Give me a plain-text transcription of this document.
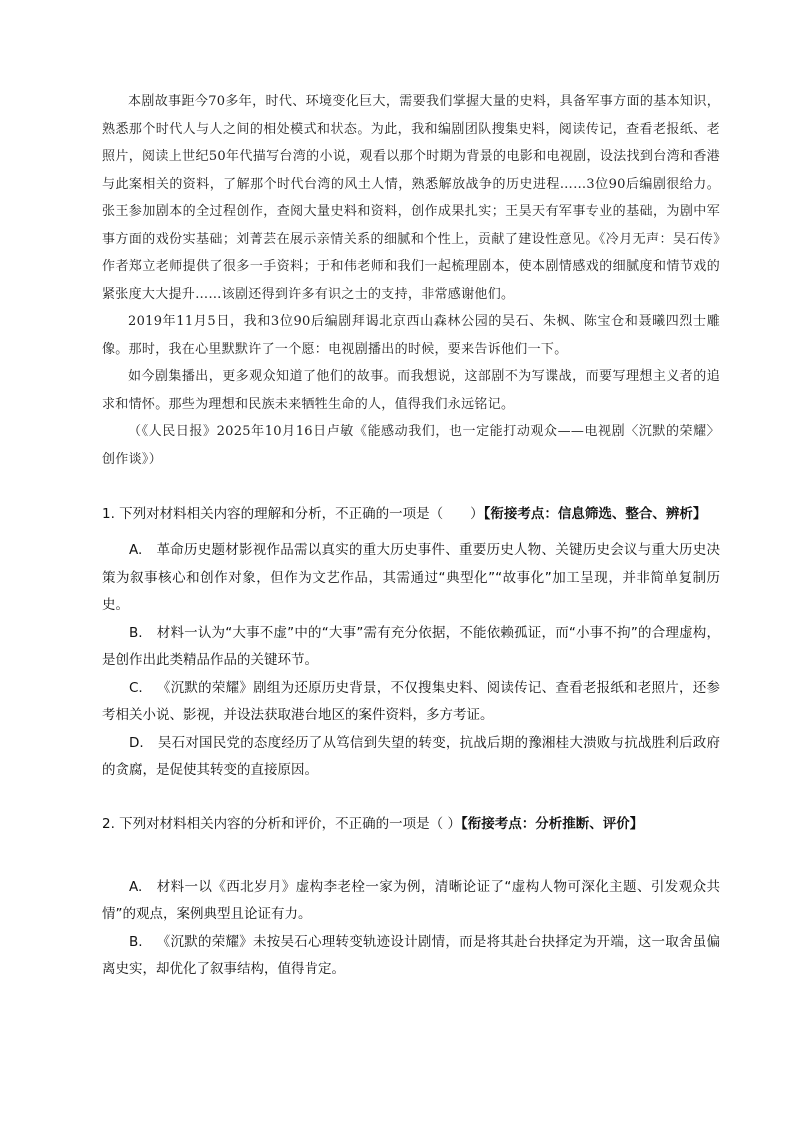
本剧故事距今70多年，时代、环境变化巨大，需要我们掌握大量的史料，具备军事方面的基本知识，熟悉那个时代人与人之间的相处模式和状态。为此，我和编剧团队搜集史料，阅读传记，查看老报纸、老照片，阅读上世纪50年代描写台湾的小说，观看以那个时期为背景的电影和电视剧，设法找到台湾和香港与此案相关的资料，了解那个时代台湾的风土人情，熟悉解放战争的历史进程……3位90后编剧很给力。张王参加剧本的全过程创作，查阅大量史料和资料，创作成果扎实；王昊天有军事专业的基础，为剧中军事方面的戏份实基础；刘菁芸在展示亲情关系的细腻和个性上，贡献了建设性意见。《冷月无声：吴石传》作者郑立老师提供了很多一手资料；于和伟老师和我们一起梳理剧本，使本剧情感戏的细腻度和情节戏的紧张度大大提升……该剧还得到许多有识之士的支持，非常感谢他们。

2019年11月5日，我和3位90后编剧拜谒北京西山森林公园的吴石、朱枫、陈宝仓和聂曦四烈士雕像。那时，我在心里默默许了一个愿：电视剧播出的时候，要来告诉他们一下。

如今剧集播出，更多观众知道了他们的故事。而我想说，这部剧不为写谍战，而要写理想主义者的追求和情怀。那些为理想和民族未来牺牲生命的人，值得我们永远铭记。

（《人民日报》2025年10月16日卢敏《能感动我们，也一定能打动观众——电视剧〈沉默的荣耀〉创作谈》）

1. 下列对材料相关内容的理解和分析，不正确的一项是（　　）【衔接考点：信息筛选、整合、辨析】

A. 革命历史题材影视作品需以真实的重大历史事件、重要历史人物、关键历史会议与重大历史决策为叙事核心和创作对象，但作为文艺作品，其需通过“典型化”“故事化”加工呈现，并非简单复制历史。

B. 材料一认为“大事不虚”中的“大事”需有充分依据，不能依赖孤证，而“小事不拘”的合理虚构，是创作出此类精品作品的关键环节。

C. 《沉默的荣耀》剧组为还原历史背景，不仅搜集史料、阅读传记、查看老报纸和老照片，还参考相关小说、影视，并设法获取港台地区的案件资料，多方考证。

D. 吴石对国民党的态度经历了从笃信到失望的转变，抗战后期的豫湘桂大溃败与抗战胜利后政府的贪腐，是促使其转变的直接原因。

2. 下列对材料相关内容的分析和评价，不正确的一项是（ ）【衔接考点：分析推断、评价】

A. 材料一以《西北岁月》虚构李老栓一家为例，清晰论证了“虚构人物可深化主题、引发观众共情”的观点，案例典型且论证有力。

B. 《沉默的荣耀》未按吴石心理转变轨迹设计剧情，而是将其赴台抉择定为开端，这一取舍虽偏离史实，却优化了叙事结构，值得肯定。
